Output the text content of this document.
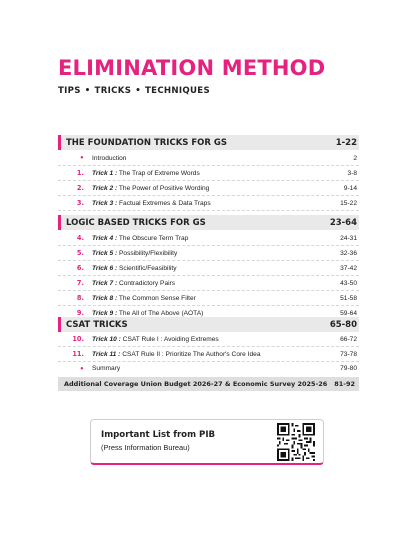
ELIMINATION METHOD
TIPS • TRICKS • TECHNIQUES
THE FOUNDATION TRICKS FOR GS	1-22
• Introduction	2
1. Trick 1 : The Trap of Extreme Words	3-8
2. Trick 2 : The Power of Positive Wording	9-14
3. Trick 3 : Factual Extremes & Data Traps	15-22
LOGIC BASED TRICKS FOR GS	23-64
4. Trick 4 : The Obscure Term Trap	24-31
5. Trick 5 : Possibility/Flexibility	32-36
6. Trick 6 : Scientific/Feasibility	37-42
7. Trick 7 : Contradictory Pairs	43-50
8. Trick 8 : The Common Sense Filter	51-58
9. Trick 9 : The All of The Above (AOTA)	59-64
CSAT TRICKS	65-80
10. Trick 10 : CSAT Rule I : Avoiding Extremes	66-72
11. Trick 11 : CSAT Rule II : Prioritize The Author's Core Idea	73-78
• Summary	79-80
Additional Coverage Union Budget 2026-27 & Economic Survey 2025-26	81-92
Important List from PIB
(Press Information Bureau)
